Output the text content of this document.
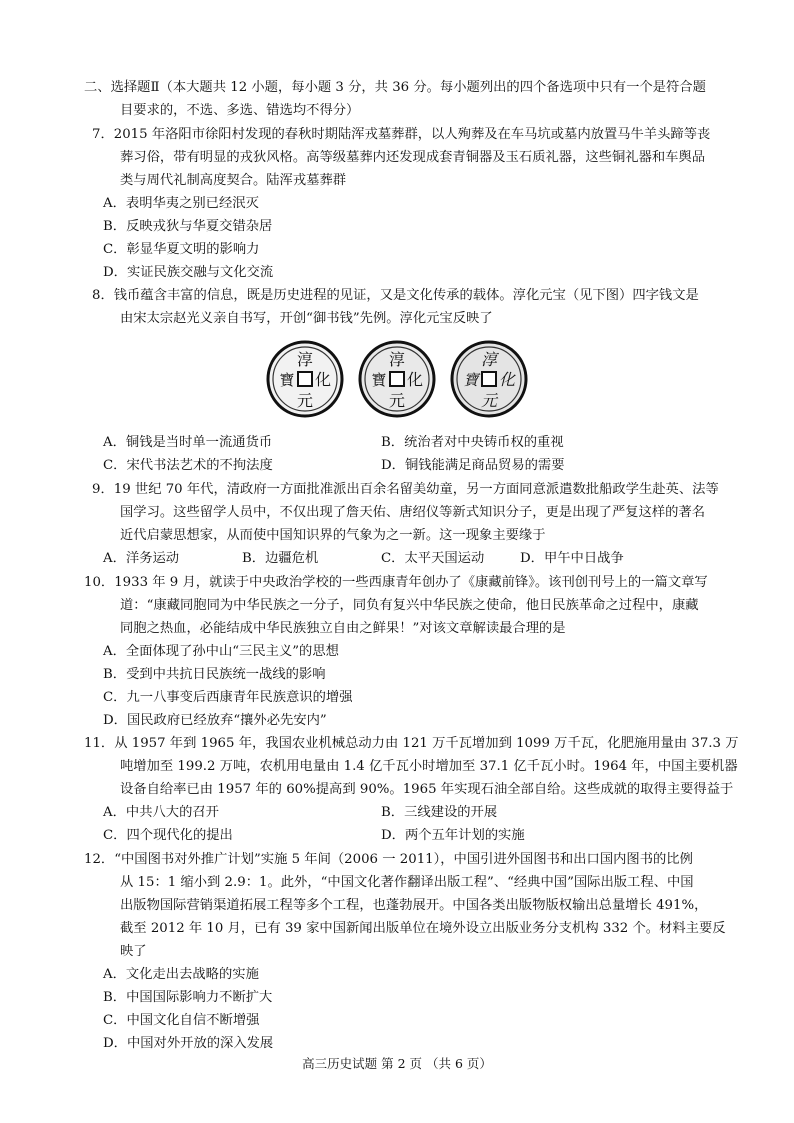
二、选择题Ⅱ（本大题共 12 小题，每小题 3 分，共 36 分。每小题列出的四个备选项中只有一个是符合题
目要求的，不选、多选、错选均不得分）
7．2015 年洛阳市徐阳村发现的春秋时期陆浑戎墓葬群，以人殉葬及在车马坑或墓内放置马牛羊头蹄等丧
葬习俗，带有明显的戎狄风格。高等级墓葬内还发现成套青铜器及玉石质礼器，这些铜礼器和车舆品
类与周代礼制高度契合。陆浑戎墓葬群
A．表明华夷之别已经泯灭
B．反映戎狄与华夏交错杂居
C．彰显华夏文明的影响力
D．实证民族交融与文化交流
8．钱币蕴含丰富的信息，既是历史进程的见证，又是文化传承的载体。淳化元宝（见下图）四字钱文是
由宋太宗赵光义亲自书写，开创“御书钱”先例。淳化元宝反映了
淳
化
元
寶
淳
化
元
寶
淳
化
元
寶
A．铜钱是当时单一流通货币	B．统治者对中央铸币权的重视
C．宋代书法艺术的不拘法度	D．铜钱能满足商品贸易的需要
9．19 世纪 70 年代，清政府一方面批准派出百余名留美幼童，另一方面同意派遣数批船政学生赴英、法等
国学习。这些留学人员中，不仅出现了詹天佑、唐绍仪等新式知识分子，更是出现了严复这样的著名
近代启蒙思想家，从而使中国知识界的气象为之一新。这一现象主要缘于
A．洋务运动	B．边疆危机	C．太平天国运动	D．甲午中日战争
10．1933 年 9 月，就读于中央政治学校的一些西康青年创办了《康藏前锋》。该刊创刊号上的一篇文章写
道：“康藏同胞同为中华民族之一分子，同负有复兴中华民族之使命，他日民族革命之过程中，康藏
同胞之热血，必能结成中华民族独立自由之鲜果！”对该文章解读最合理的是
A．全面体现了孙中山“三民主义”的思想
B．受到中共抗日民族统一战线的影响
C．九一八事变后西康青年民族意识的增强
D．国民政府已经放弃“攘外必先安内”
11．从 1957 年到 1965 年，我国农业机械总动力由 121 万千瓦增加到 1099 万千瓦，化肥施用量由 37.3 万
吨增加至 199.2 万吨，农机用电量由 1.4 亿千瓦小时增加至 37.1 亿千瓦小时。1964 年，中国主要机器
设备自给率已由 1957 年的 60%提高到 90%。1965 年实现石油全部自给。这些成就的取得主要得益于
A．中共八大的召开	B．三线建设的开展
C．四个现代化的提出	D．两个五年计划的实施
12．“中国图书对外推广计划”实施 5 年间（2006 一 2011），中国引进外国图书和出口国内图书的比例
从 15：1 缩小到 2.9：1。此外，“中国文化著作翻译出版工程”、“经典中国”国际出版工程、中国
出版物国际营销渠道拓展工程等多个工程，也蓬勃展开。中国各类出版物版权输出总量增长 491%，
截至 2012 年 10 月，已有 39 家中国新闻出版单位在境外设立出版业务分支机构 332 个。材料主要反
映了
A．文化走出去战略的实施
B．中国国际影响力不断扩大
C．中国文化自信不断增强
D．中国对外开放的深入发展
高三历史试题 第 2 页 （共 6 页）
